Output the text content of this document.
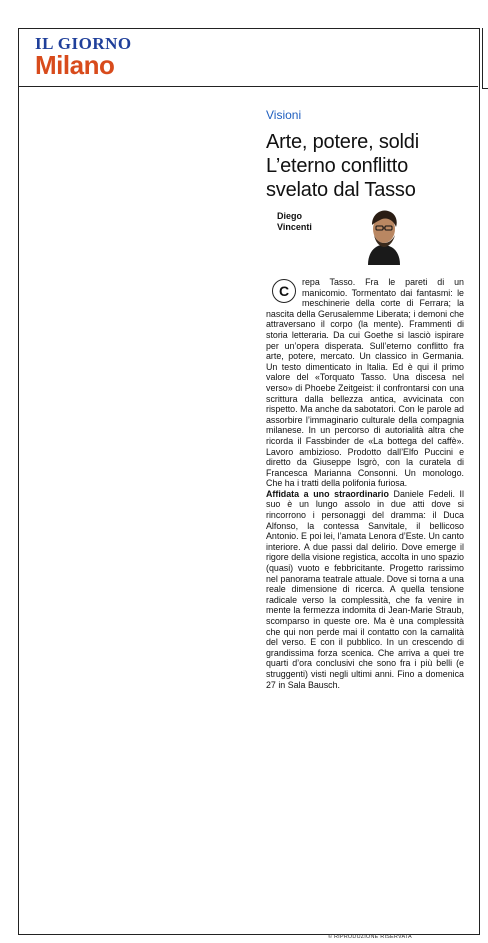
IL GIORNO
Milano
Visioni
Arte, potere, soldi
L’eterno conflitto
svelato dal Tasso
Diego
Vincenti
C

repa Tasso. Fra le pareti di un manicomio. Tormentato dai fantasmi: le meschinerie della corte di Ferrara; la nascita della Gerusalemme Liberata; i demoni che attraversano il corpo (la mente). Frammenti di storia letteraria. Da cui Goethe si lasciò ispirare per un’opera disperata. Sull’eterno conflitto fra arte, potere, mercato. Un classico in Germania. Un testo dimenticato in Italia. Ed è qui il primo valore del «Torquato Tasso. Una discesa nel verso» di Phoebe Zeitgeist: il confrontarsi con una scrittura dalla bellezza antica, avvicinata con rispetto. Ma anche da sabotatori. Con le parole ad assorbire l’immaginario culturale della compagnia milanese. In un percorso di autorialità altra che ricorda il Fassbinder de «La bottega del caffè». Lavoro ambizioso. Prodotto dall’Elfo Puccini e diretto da Giuseppe Isgrò, con la curatela di Francesca Marianna Consonni. Un monologo. Che ha i tratti della polifonia furiosa.

Affidata a uno straordinario Daniele Fedeli. Il suo è un lungo assolo in due atti dove si rincorrono i personaggi del dramma: il Duca Alfonso, la contessa Sanvitale, il bellicoso Antonio. E poi lei, l’amata Lenora d’Este. Un canto interiore. A due passi dal delirio. Dove emerge il rigore della visione registica, accolta in uno spazio (quasi) vuoto e febbricitante. Progetto rarissimo nel panorama teatrale attuale. Dove si torna a una reale dimensione di ricerca. A quella tensione radicale verso la complessità, che fa venire in mente la fermezza indomita di Jean-Marie Straub, scomparso in queste ore. Ma è una complessità che qui non perde mai il contatto con la carnalità del verso. E con il pubblico. In un crescendo di grandissima forza scenica. Che arriva a quei tre quarti d’ora conclusivi che sono fra i più belli (e struggenti) visti negli ultimi anni. Fino a domenica 27 in Sala Bausch.

© RIPRODUZIONE RISERVATA
